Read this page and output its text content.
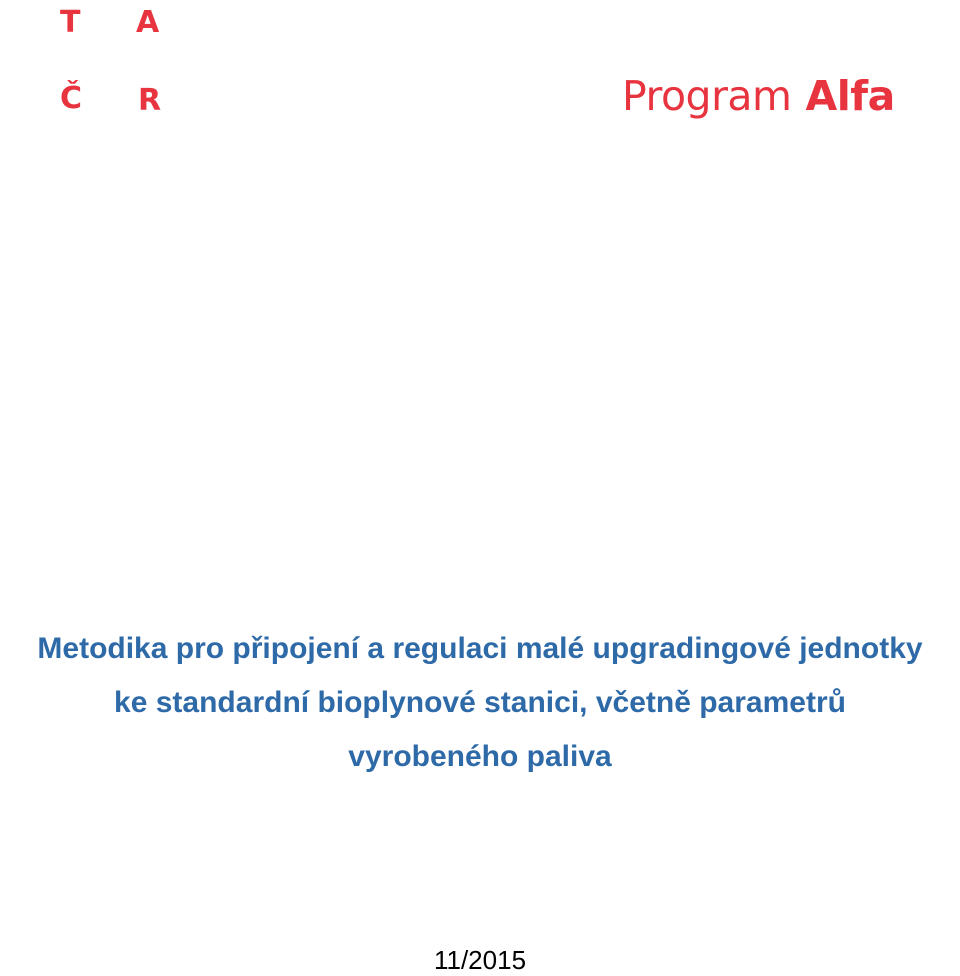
T A
Č R	Program Alfa
Metodika pro připojení a regulaci malé upgradingové jednotky
ke standardní bioplynové stanici, včetně parametrů
vyrobeného paliva
11/2015
